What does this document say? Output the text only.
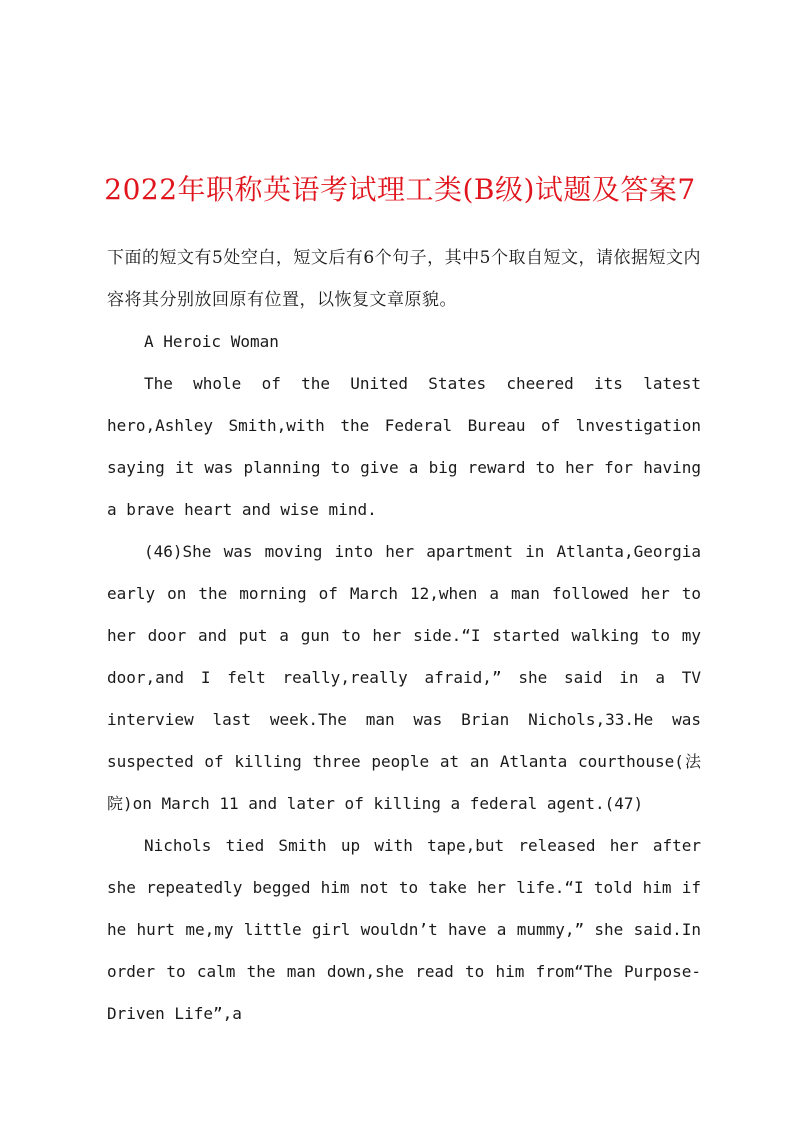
2022年职称英语考试理工类(B级)试题及答案7

下面的短文有5处空白，短文后有6个句子，其中5个取自短文，请依据短文内容将其分别放回原有位置，以恢复文章原貌。

A Heroic Woman

The whole of the United States cheered its latest hero,Ashley Smith,with the Federal Bureau of lnvestigation saying it was planning to give a big reward to her for having a brave heart and wise mind.

(46)She was moving into her apartment in Atlanta,Georgia early on the morning of March 12,when a man followed her to her door and put a gun to her side.“I started walking to my door,and I felt really,really afraid,” she said in a TV interview last week.The man was Brian Nichols,33.He was suspected of killing three people at an Atlanta courthouse(法院)on March 11 and later of killing a federal agent.(47)

Nichols tied Smith up with tape,but released her after she repeatedly begged him not to take her life.“I told him if he hurt me,my little girl wouldn’t have a mummy,” she said.In order to calm the man down,she read to him from“The Purpose-Driven Life”,a
